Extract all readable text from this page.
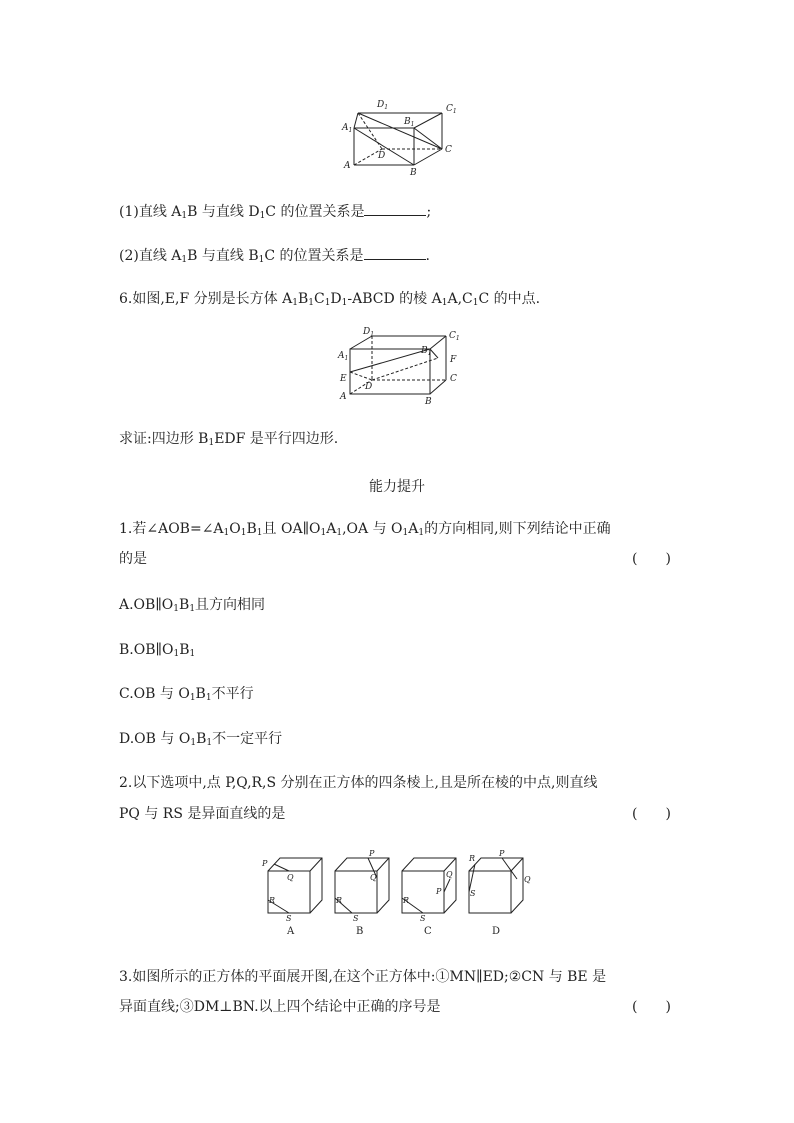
$D_1$	$C_1$
$A_1$
$B_1$
D
C
A
B
(1)直线 $A_1B$ 与直线 $D_1C$ 的位置关系是	;
(2)直线 $A_1B$ 与直线 $B_1C$ 的位置关系是	.
6.如图,E,F 分别是长方体 $A_1B_1C_1D_1$-ABCD 的棱 $A_1A,C_1C$ 的中点.
$D_1$	$C_1$
$A_1$
$B_1$
F
E
D
C
A	B
求证:四边形 $B_1EDF$ 是平行四边形.
能力提升
1.若$\angle AOB=\angle A_1O_1B_1$且 $OA\parallel O_1A_1,OA$ 与 $O_1A_1$的方向相同,则下列结论中正确
的是	(　　)
$A.OB\parallel O_1B_1$且方向相同
$B.OB\parallel O_1B_1$
C.OB 与 $O_1B_1$不平行
D.OB 与 $O_1B_1$不一定平行
2.以下选项中,点 P,Q,R,S 分别在正方体的四条棱上,且是所在棱的中点,则直线
PQ 与 RS 是异面直线的是	(　　)
P
Q
R
S
P
Q
R
S
Q
P
R
S
R
P
Q
S
A	B	C	D
3.如图所示的正方体的平面展开图,在这个正方体中:①MN∥ED;②CN 与 BE 是
异面直线;③DM⊥BN.以上四个结论中正确的序号是	(　　)
